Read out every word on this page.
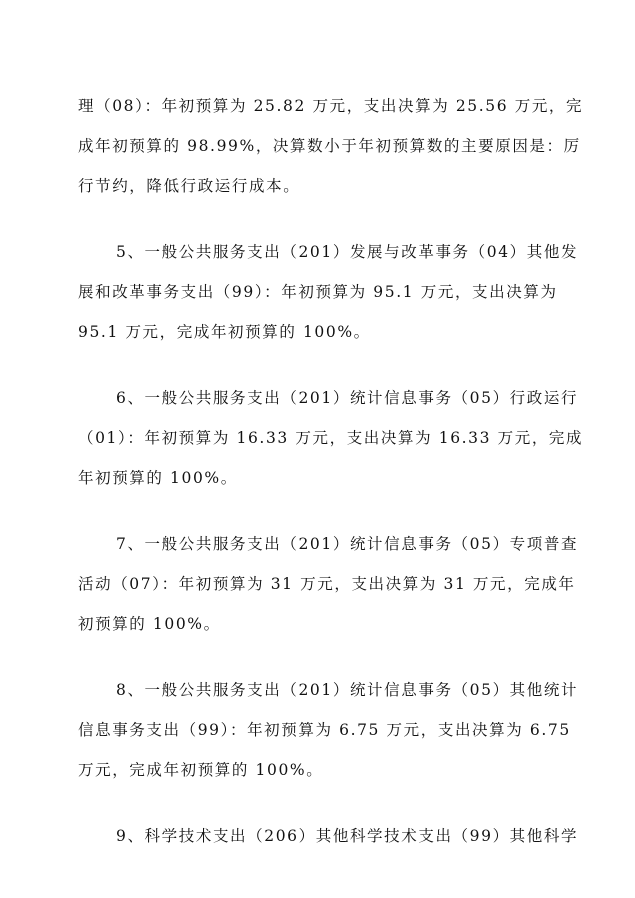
理（08）：年初预算为 25.82 万元，支出决算为 25.56 万元，完
成年初预算的 98.99%，决算数小于年初预算数的主要原因是：厉
行节约，降低行政运行成本。
5、一般公共服务支出（201）发展与改革事务（04）其他发
展和改革事务支出（99）：年初预算为 95.1 万元，支出决算为
95.1 万元，完成年初预算的 100%。
6、一般公共服务支出（201）统计信息事务（05）行政运行
（01）：年初预算为 16.33 万元，支出决算为 16.33 万元，完成
年初预算的 100%。
7、一般公共服务支出（201）统计信息事务（05）专项普查
活动（07）：年初预算为 31 万元，支出决算为 31 万元，完成年
初预算的 100%。
8、一般公共服务支出（201）统计信息事务（05）其他统计
信息事务支出（99）：年初预算为 6.75 万元，支出决算为 6.75
万元，完成年初预算的 100%。
9、科学技术支出（206）其他科学技术支出（99）其他科学
